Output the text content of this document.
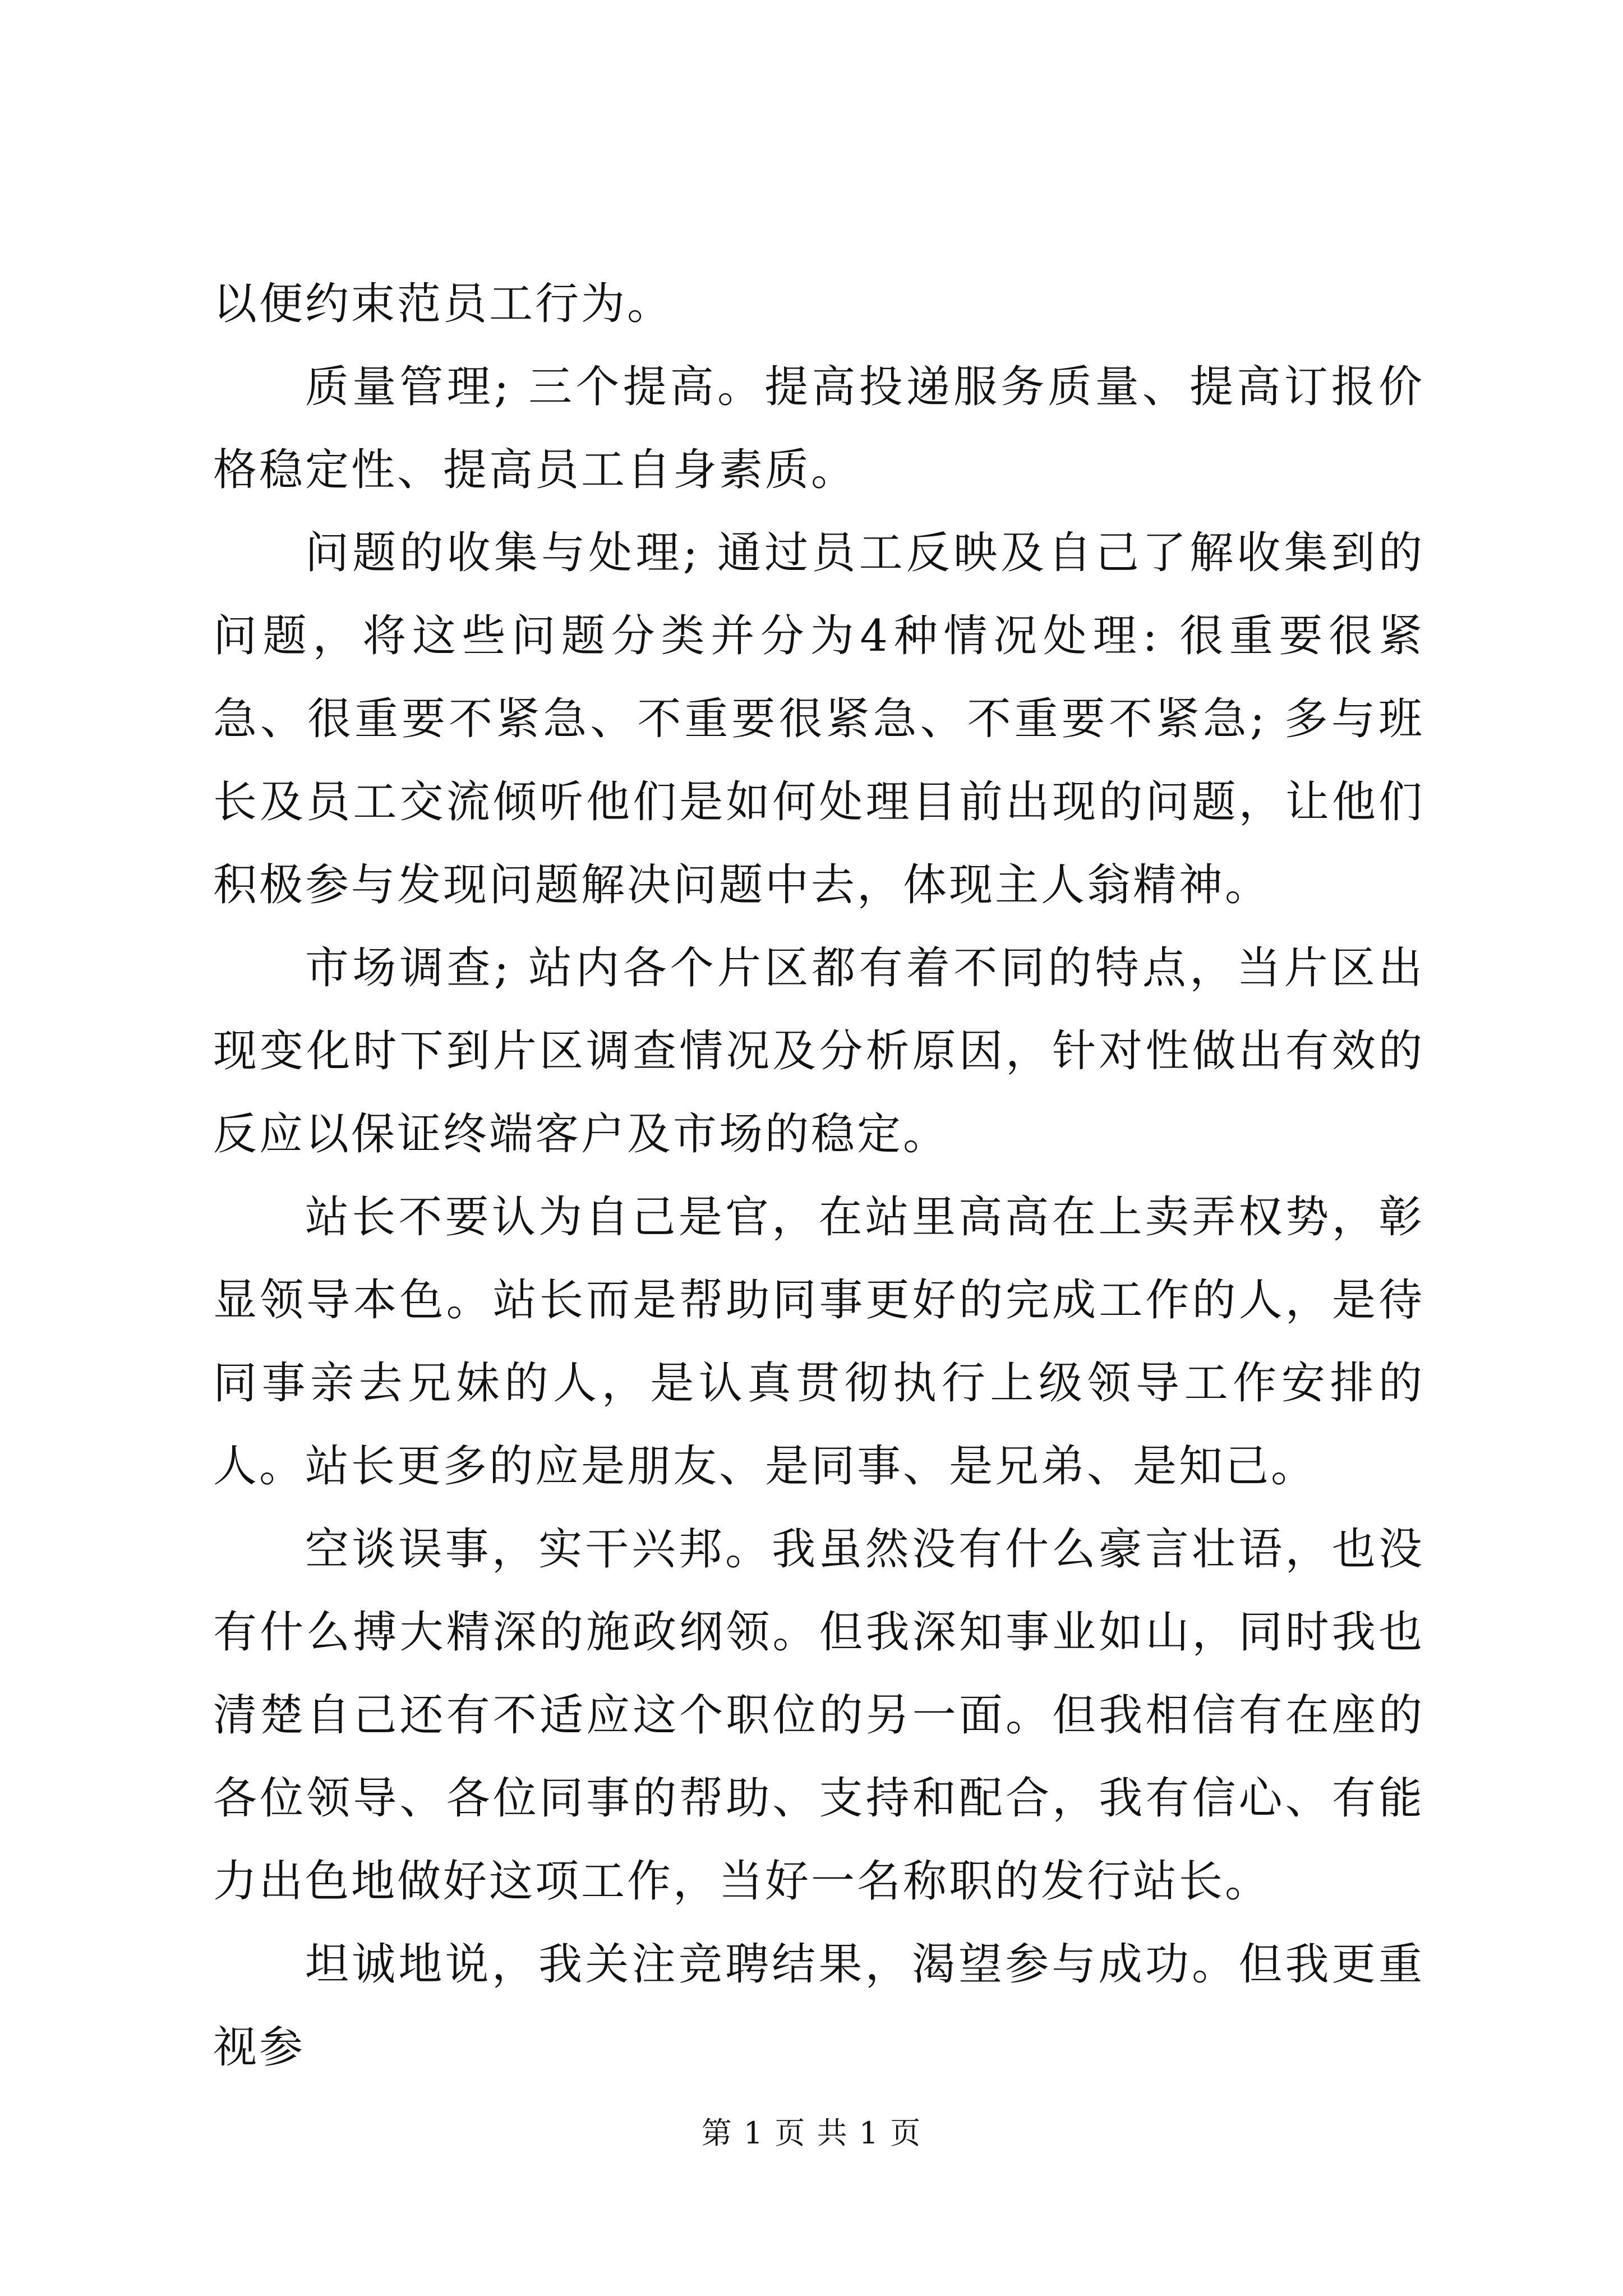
以便约束范员工行为。

质量管理; 三个提高。提高投递服务质量、提高订报价格稳定性、提高员工自身素质。

问题的收集与处理; 通过员工反映及自己了解收集到的问题，将这些问题分类并分为4种情况处理: 很重要很紧急、很重要不紧急、不重要很紧急、不重要不紧急; 多与班长及员工交流倾听他们是如何处理目前出现的问题，让他们积极参与发现问题解决问题中去，体现主人翁精神。

市场调查; 站内各个片区都有着不同的特点，当片区出现变化时下到片区调查情况及分析原因，针对性做出有效的反应以保证终端客户及市场的稳定。

站长不要认为自己是官，在站里高高在上卖弄权势，彰显领导本色。站长而是帮助同事更好的完成工作的人，是待同事亲去兄妹的人，是认真贯彻执行上级领导工作安排的人。站长更多的应是朋友、是同事、是兄弟、是知己。

空谈误事，实干兴邦。我虽然没有什么豪言壮语，也没有什么搏大精深的施政纲领。但我深知事业如山，同时我也清楚自己还有不适应这个职位的另一面。但我相信有在座的各位领导、各位同事的帮助、支持和配合，我有信心、有能力出色地做好这项工作，当好一名称职的发行站长。

坦诚地说，我关注竞聘结果，渴望参与成功。但我更重视参

第 1 页 共 1 页
